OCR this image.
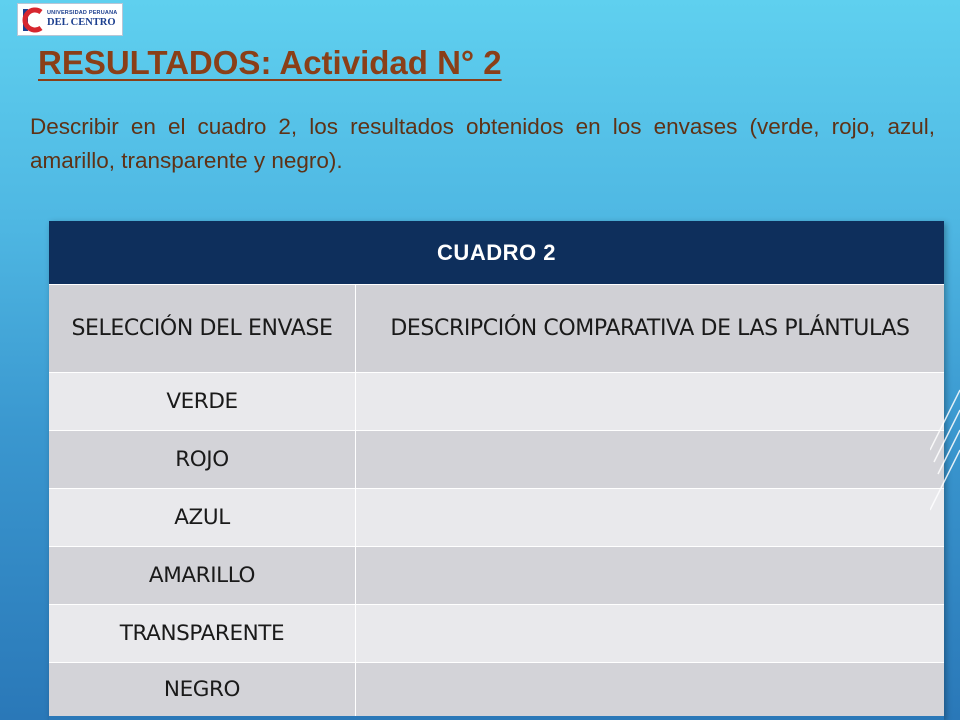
UNIVERSIDAD PERUANA
DEL CENTRO
RESULTADOS: Actividad N° 2

Describir en el cuadro 2, los resultados obtenidos en los envases (verde, rojo, azul, amarillo, transparente y negro).

CUADRO 2
SELECCIÓN DEL ENVASE	DESCRIPCIÓN COMPARATIVA DE LAS PLÁNTULAS
VERDE
ROJO
AZUL
AMARILLO
TRANSPARENTE
NEGRO
